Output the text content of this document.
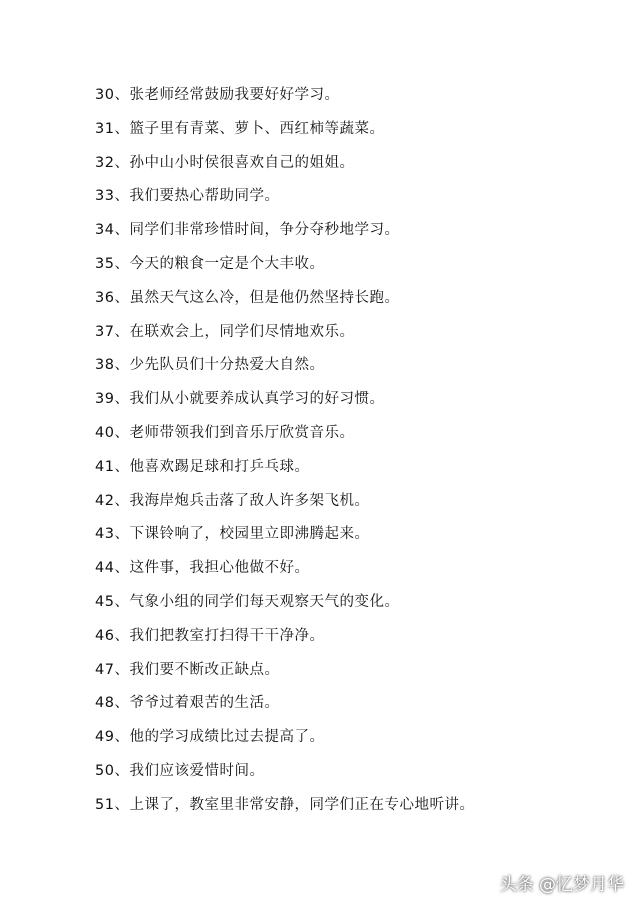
30、张老师经常鼓励我要好好学习。
31、篮子里有青菜、萝卜、西红柿等蔬菜。
32、孙中山小时侯很喜欢自己的姐姐。
33、我们要热心帮助同学。
34、同学们非常珍惜时间，争分夺秒地学习。
35、今天的粮食一定是个大丰收。
36、虽然天气这么冷，但是他仍然坚持长跑。
37、在联欢会上，同学们尽情地欢乐。
38、少先队员们十分热爱大自然。
39、我们从小就要养成认真学习的好习惯。
40、老师带领我们到音乐厅欣赏音乐。
41、他喜欢踢足球和打乒乓球。
42、我海岸炮兵击落了敌人许多架飞机。
43、下课铃响了，校园里立即沸腾起来。
44、这件事，我担心他做不好。
45、气象小组的同学们每天观察天气的变化。
46、我们把教室打扫得干干净净。
47、我们要不断改正缺点。
48、爷爷过着艰苦的生活。
49、他的学习成绩比过去提高了。
50、我们应该爱惜时间。
51、上课了，教室里非常安静，同学们正在专心地听讲。
头条 @忆梦月华
